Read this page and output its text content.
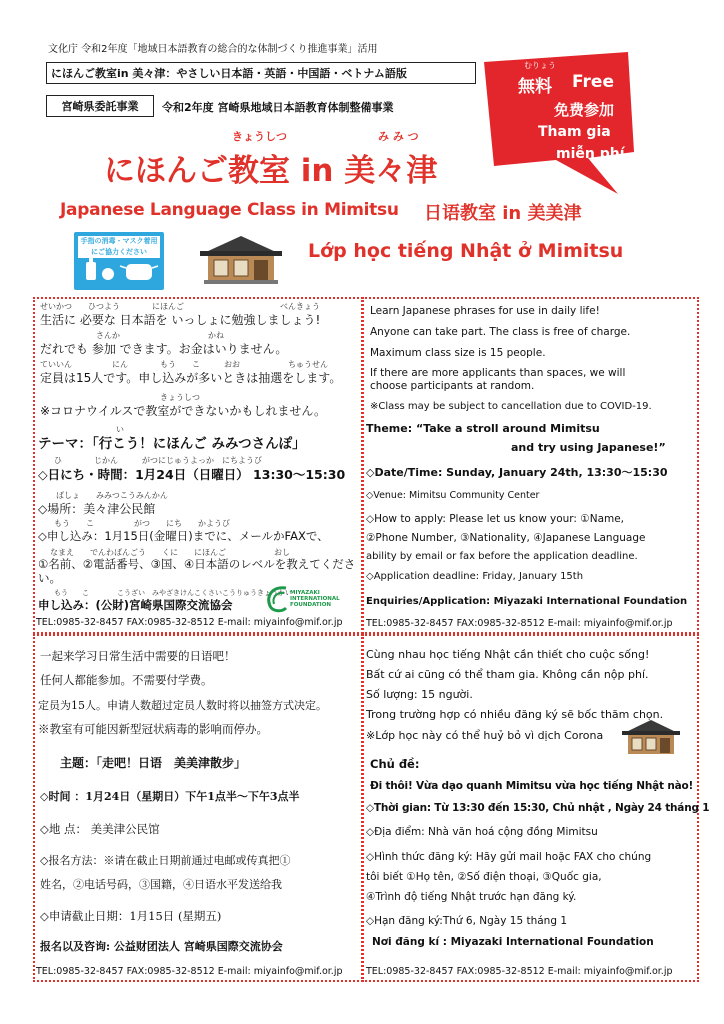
文化庁 令和2年度「地域日本語教育の総合的な体制づくり推進事業」活用
にほんご教室in 美々津：やさしい日本語・英語・中国語・ベトナム語版
宮崎県委託事業	令和2年度 宮崎県地域日本語教育体制整備事業
きょうしつ	み み つ
にほんご教室 in 美々津
Japanese Language Class in Mimitsu 日语教室 in 美美津
Lớp học tiếng Nhật ở Mimitsu
手指の消毒・マスク着用
にご協力ください
むりょう
無料 Free
免费参加
Tham gia
miễn phí
せいかつ　　ひつよう　　　　にほんご　　　　　　　　　　　　べんきょう
生活に 必要な 日本語を いっしょに勉強しましょう!
さんか　　　　　　　　　　　かね
だれでも 参加 できます。お金はいりません。
ていいん　　　　　にん　　　　もう　　こ　　　おお　　　　　　ちゅうせん
定員は15人です。申し込みが多いときは抽選をします。
きょうしつ
※コロナウイルスで教室ができないかもしれません。
い
テーマ：「行こう！にほんご みみつさんぽ」
ひ　　　　じかん　　　がつにじゅうよっか　にちようび
◇日にち・時間：1月24日（日曜日） 13:30～15:30
ばしょ　　みみつこうみんかん
◇場所：美々津公民館
もう　　こ　　　　　がつ　　にち　　かようび
◇申し込み：1月15日(金曜日)までに、メールかFAXで、
なまえ　　でんわばんごう　　くに　　にほんご　　　　　　おし
①名前、②電話番号、③国、④日本語のレベルを教えてください。
もう　　こ　　　　こうざい　みやざきけんこくさいこうりゅうきょうかい
申し込み：(公財)宮崎県国際交流協会
MIYAZAKI
INTERNATIONAL
FOUNDATION
TEL:0985-32-8457 FAX:0985-32-8512 E-mail: miyainfo@mif.or.jp
Learn Japanese phrases for use in daily life!
Anyone can take part. The class is free of charge.
Maximum class size is 15 people.
If there are more applicants than spaces, we will
choose participants at random.
※Class may be subject to cancellation due to COVID-19.
Theme: “Take a stroll around Mimitsu
and try using Japanese!”
◇Date/Time: Sunday, January 24th, 13:30～15:30
◇Venue: Mimitsu Community Center
◇How to apply: Please let us know your: ①Name,
②Phone Number, ③Nationality, ④Japanese Language
ability by email or fax before the application deadline.
◇Application deadline: Friday, January 15th
Enquiries/Application: Miyazaki International Foundation
TEL:0985-32-8457 FAX:0985-32-8512 E-mail: miyainfo@mif.or.jp
一起来学习日常生活中需要的日语吧！
任何人都能参加。不需要付学费。
定员为15人。申请人数超过定员人数时将以抽签方式决定。
※教室有可能因新型冠状病毒的影响而停办。
主题：「走吧！日语　美美津散步」
◇时间 ：1月24日（星期日）下午1点半～下午3点半
◇地 点： 美美津公民馆
◇报名方法：※请在截止日期前通过电邮或传真把①
姓名，②电话号码，③国籍，④日语水平发送给我
◇申请截止日期：1月15日 (星期五)
报名以及咨询: 公益财团法人 宮崎県国際交流协会
TEL:0985-32-8457 FAX:0985-32-8512 E-mail: miyainfo@mif.or.jp
Cùng nhau học tiếng Nhật cần thiết cho cuộc sống!
Bất cứ ai cũng có thể tham gia. Không cần nộp phí.
Số lượng: 15 người.
Trong trường hợp có nhiều đăng ký sẽ bốc thăm chọn.
※Lớp học này có thể huỷ bỏ vì dịch Corona
Chủ đề:
Đi thôi! Vừa dạo quanh Mimitsu vừa học tiếng Nhật nào!
◇Thời gian: Từ 13:30 đến 15:30, Chủ nhật , Ngày 24 tháng 1
◇Địa điểm: Nhà văn hoá cộng đồng Mimitsu
◇Hình thức đăng ký: Hãy gửi mail hoặc FAX cho chúng
tôi biết ①Họ tên, ②Số điện thoại, ③Quốc gia,
④Trình độ tiếng Nhật trước hạn đăng ký.
◇Hạn đăng ký:Thứ 6, Ngày 15 tháng 1
Nơi đăng kí : Miyazaki International Foundation
TEL:0985-32-8457 FAX:0985-32-8512 E-mail: miyainfo@mif.or.jp
